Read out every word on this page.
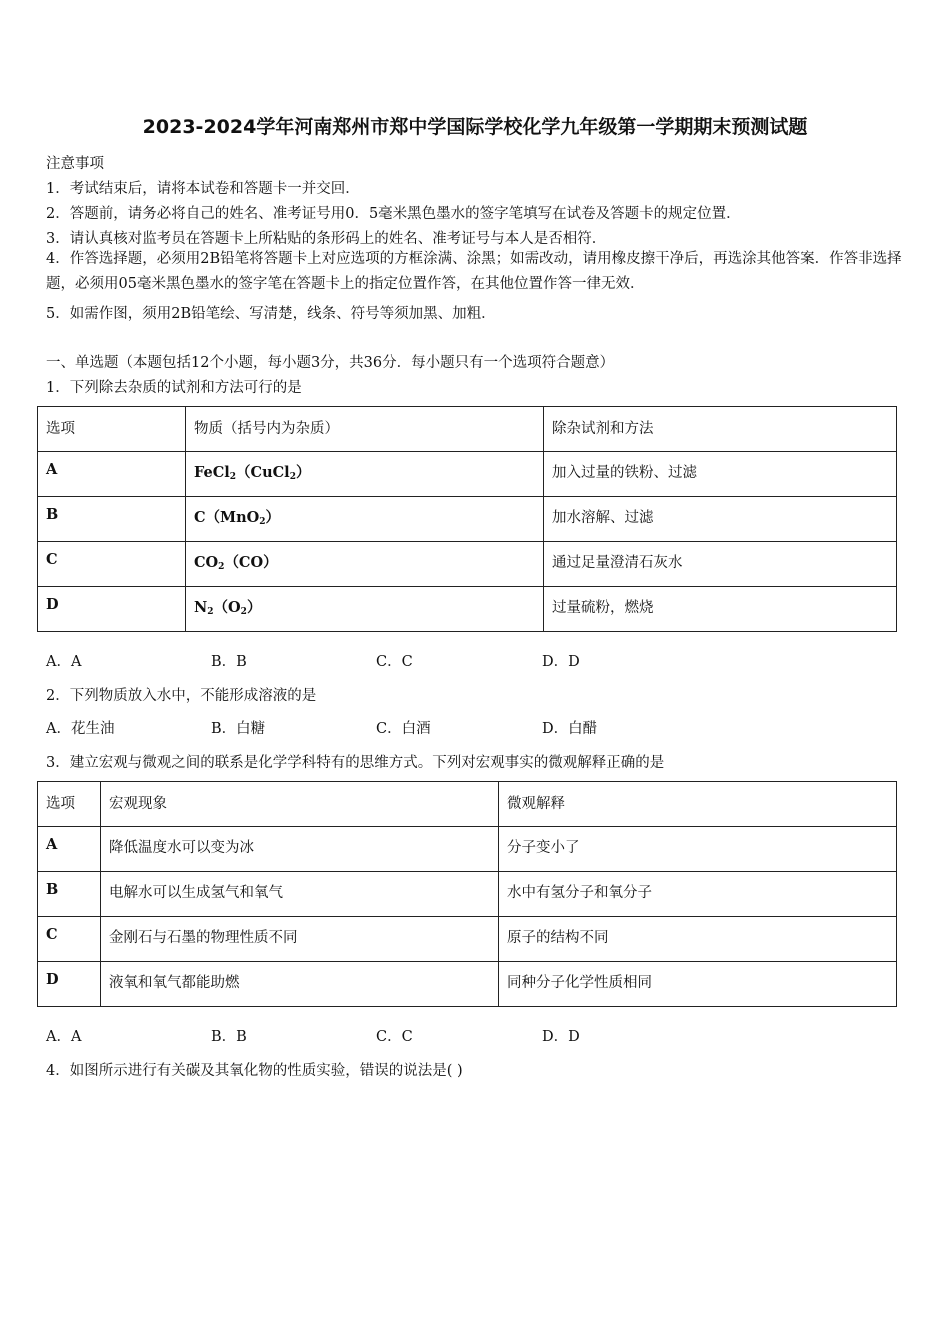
2023-2024学年河南郑州市郑中学国际学校化学九年级第一学期期末预测试题
注意事项
1．考试结束后，请将本试卷和答题卡一并交回．
2．答题前，请务必将自己的姓名、准考证号用0．5毫米黑色墨水的签字笔填写在试卷及答题卡的规定位置．
3．请认真核对监考员在答题卡上所粘贴的条形码上的姓名、准考证号与本人是否相符．
4．作答选择题，必须用2B铅笔将答题卡上对应选项的方框涂满、涂黑；如需改动，请用橡皮擦干净后，再选涂其他答案．作答非选择题，必须用05毫米黑色墨水的签字笔在答题卡上的指定位置作答，在其他位置作答一律无效．
5．如需作图，须用2B铅笔绘、写清楚，线条、符号等须加黑、加粗．
一、单选题（本题包括12个小题，每小题3分，共36分．每小题只有一个选项符合题意）
1．下列除去杂质的试剂和方法可行的是
选项	物质（括号内为杂质）	除杂试剂和方法
A	FeCl$_2$（CuCl$_2$）	加入过量的铁粉、过滤
B	C（MnO$_2$）	加水溶解、过滤
C	$CO_2(CO)$	通过足量澄清石灰水
D	$N_2(O_2)$	过量硫粉，燃烧
A．A	B．B	C．C	D．D
2．下列物质放入水中，不能形成溶液的是
A．花生油	B．白糖	C．白酒	D．白醋
3．建立宏观与微观之间的联系是化学学科特有的思维方式。下列对宏观事实的微观解释正确的是
选项	宏观现象	微观解释
A	降低温度水可以变为冰	分子变小了
B	电解水可以生成氢气和氧气	水中有氢分子和氧分子
C	金刚石与石墨的物理性质不同	原子的结构不同
D	液氧和氧气都能助燃	同种分子化学性质相同
A．A	B．B	C．C	D．D
4．如图所示进行有关碳及其氧化物的性质实验，错误的说法是( )
